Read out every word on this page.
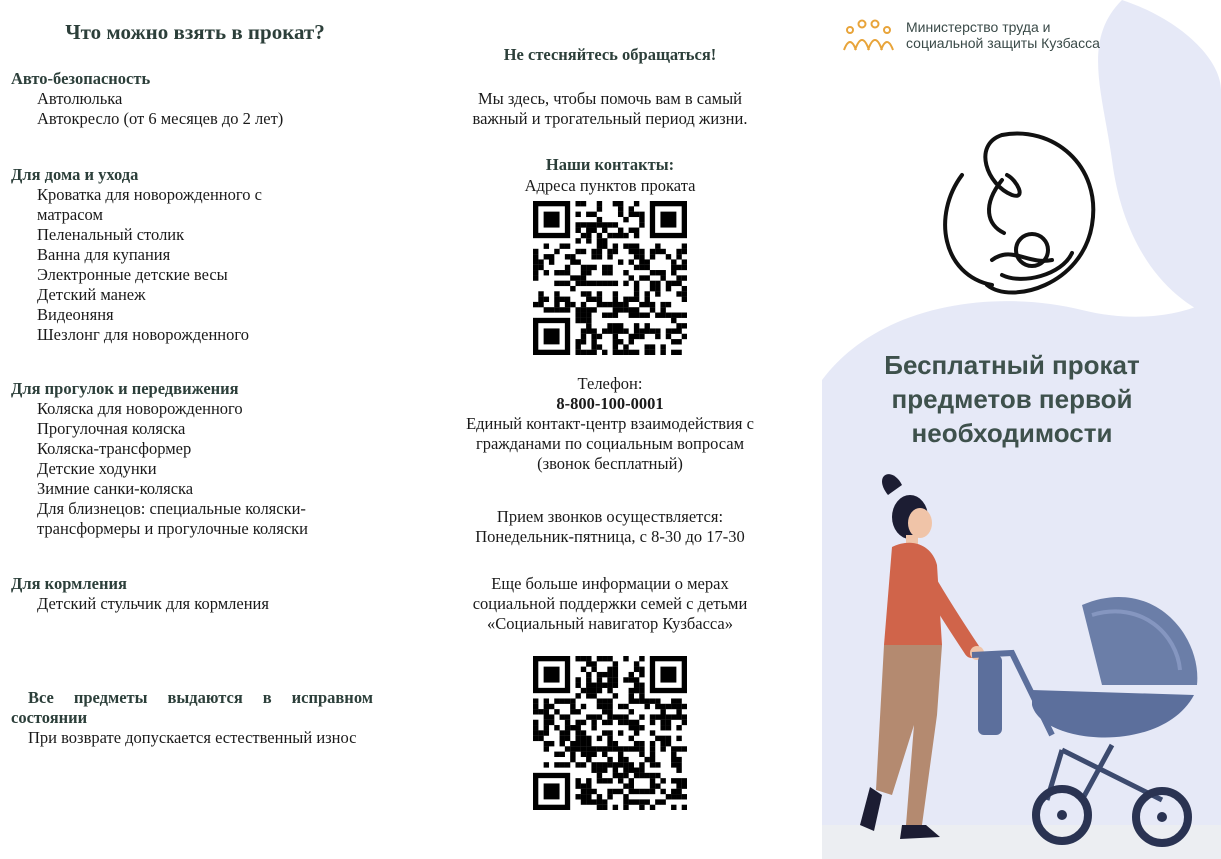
Что можно взять в прокат?
Авто-безопасность
Автолюлька
Автокресло (от 6 месяцев до 2 лет)
Для дома и ухода
Кроватка для новорожденного с
матрасом
Пеленальный столик
Ванна для купания
Электронные детские весы
Детский манеж
Видеоняня
Шезлонг для новорожденного
Для прогулок и передвижения
Коляска для новорожденного
Прогулочная коляска
Коляска-трансформер
Детские ходунки
Зимние санки-коляска
Для близнецов: специальные коляски-
трансформеры и прогулочные коляски
Для кормления
Детский стульчик для кормления
Все предметы выдаются в исправном состоянии
При возврате допускается естественный износ
Не стесняйтесь обращаться!
Мы здесь, чтобы помочь вам в самый
важный и трогательный период жизни.
Наши контакты:
Адреса пунктов проката
Телефон:
8-800-100-0001
Единый контакт-центр взаимодействия с
гражданами по социальным вопросам
(звонок бесплатный)
Прием звонков осуществляется:
Понедельник-пятница, с 8-30 до 17-30
Еще больше информации о мерах
социальной поддержки семей с детьми
«Социальный навигатор Кузбасса»
Министерство труда и
социальной защиты Кузбасса
Бесплатный прокат
предметов первой
необходимости
